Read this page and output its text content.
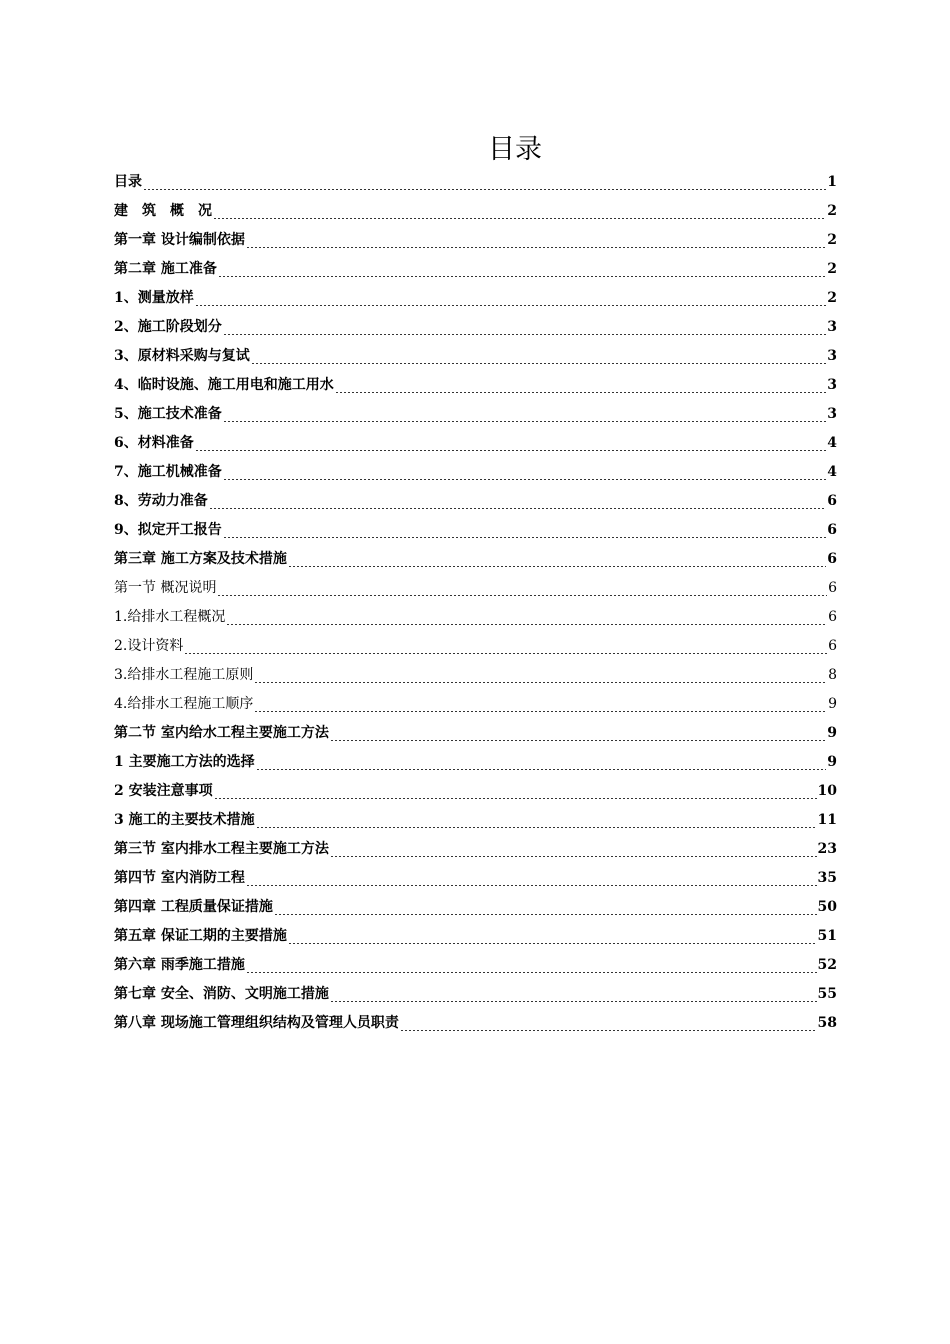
目录
目录	1
建　筑　概　况	2
第一章 设计编制依据	2
第二章 施工准备	2
1、测量放样	2
2、施工阶段划分	3
3、原材料采购与复试	3
4、临时设施、施工用电和施工用水	3
5、施工技术准备	3
6、材料准备	4
7、施工机械准备	4
8、劳动力准备	6
9、拟定开工报告	6
第三章 施工方案及技术措施	6
第一节 概况说明	6
1.给排水工程概况	6
2.设计资料	6
3.给排水工程施工原则	8
4.给排水工程施工顺序	9
第二节 室内给水工程主要施工方法	9
1 主要施工方法的选择	9
2 安装注意事项	10
3 施工的主要技术措施	11
第三节 室内排水工程主要施工方法	23
第四节 室内消防工程	35
第四章 工程质量保证措施	50
第五章 保证工期的主要措施	51
第六章 雨季施工措施	52
第七章 安全、消防、文明施工措施	55
第八章 现场施工管理组织结构及管理人员职责	58
